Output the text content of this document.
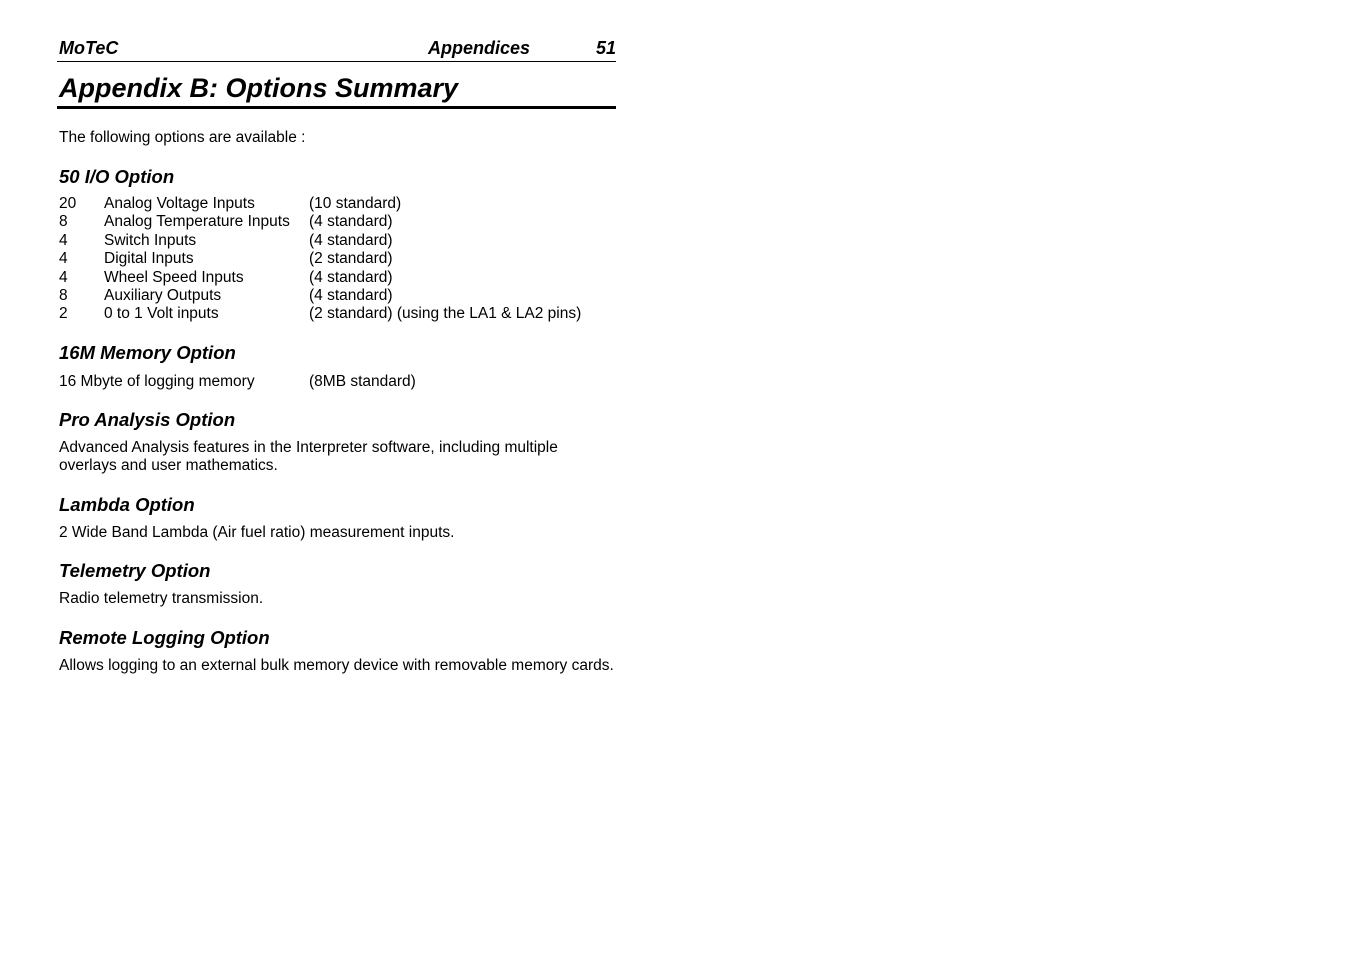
MoTeC	Appendices	51
Appendix B: Options Summary

The following options are available :

50 I/O Option
20	Analog Voltage Inputs	(10 standard)
8	Analog Temperature Inputs	(4 standard)
4	Switch Inputs	(4 standard)
4	Digital Inputs	(2 standard)
4	Wheel Speed Inputs	(4 standard)
8	Auxiliary Outputs	(4 standard)
2	0 to 1 Volt inputs	(2 standard) (using the LA1 & LA2 pins)
16M Memory Option
16 Mbyte of logging memory	(8MB standard)
Pro Analysis Option

Advanced Analysis features in the Interpreter software, including multiple overlays and user mathematics.

Lambda Option

2 Wide Band Lambda (Air fuel ratio) measurement inputs.

Telemetry Option

Radio telemetry transmission.

Remote Logging Option

Allows logging to an external bulk memory device with removable memory cards.
